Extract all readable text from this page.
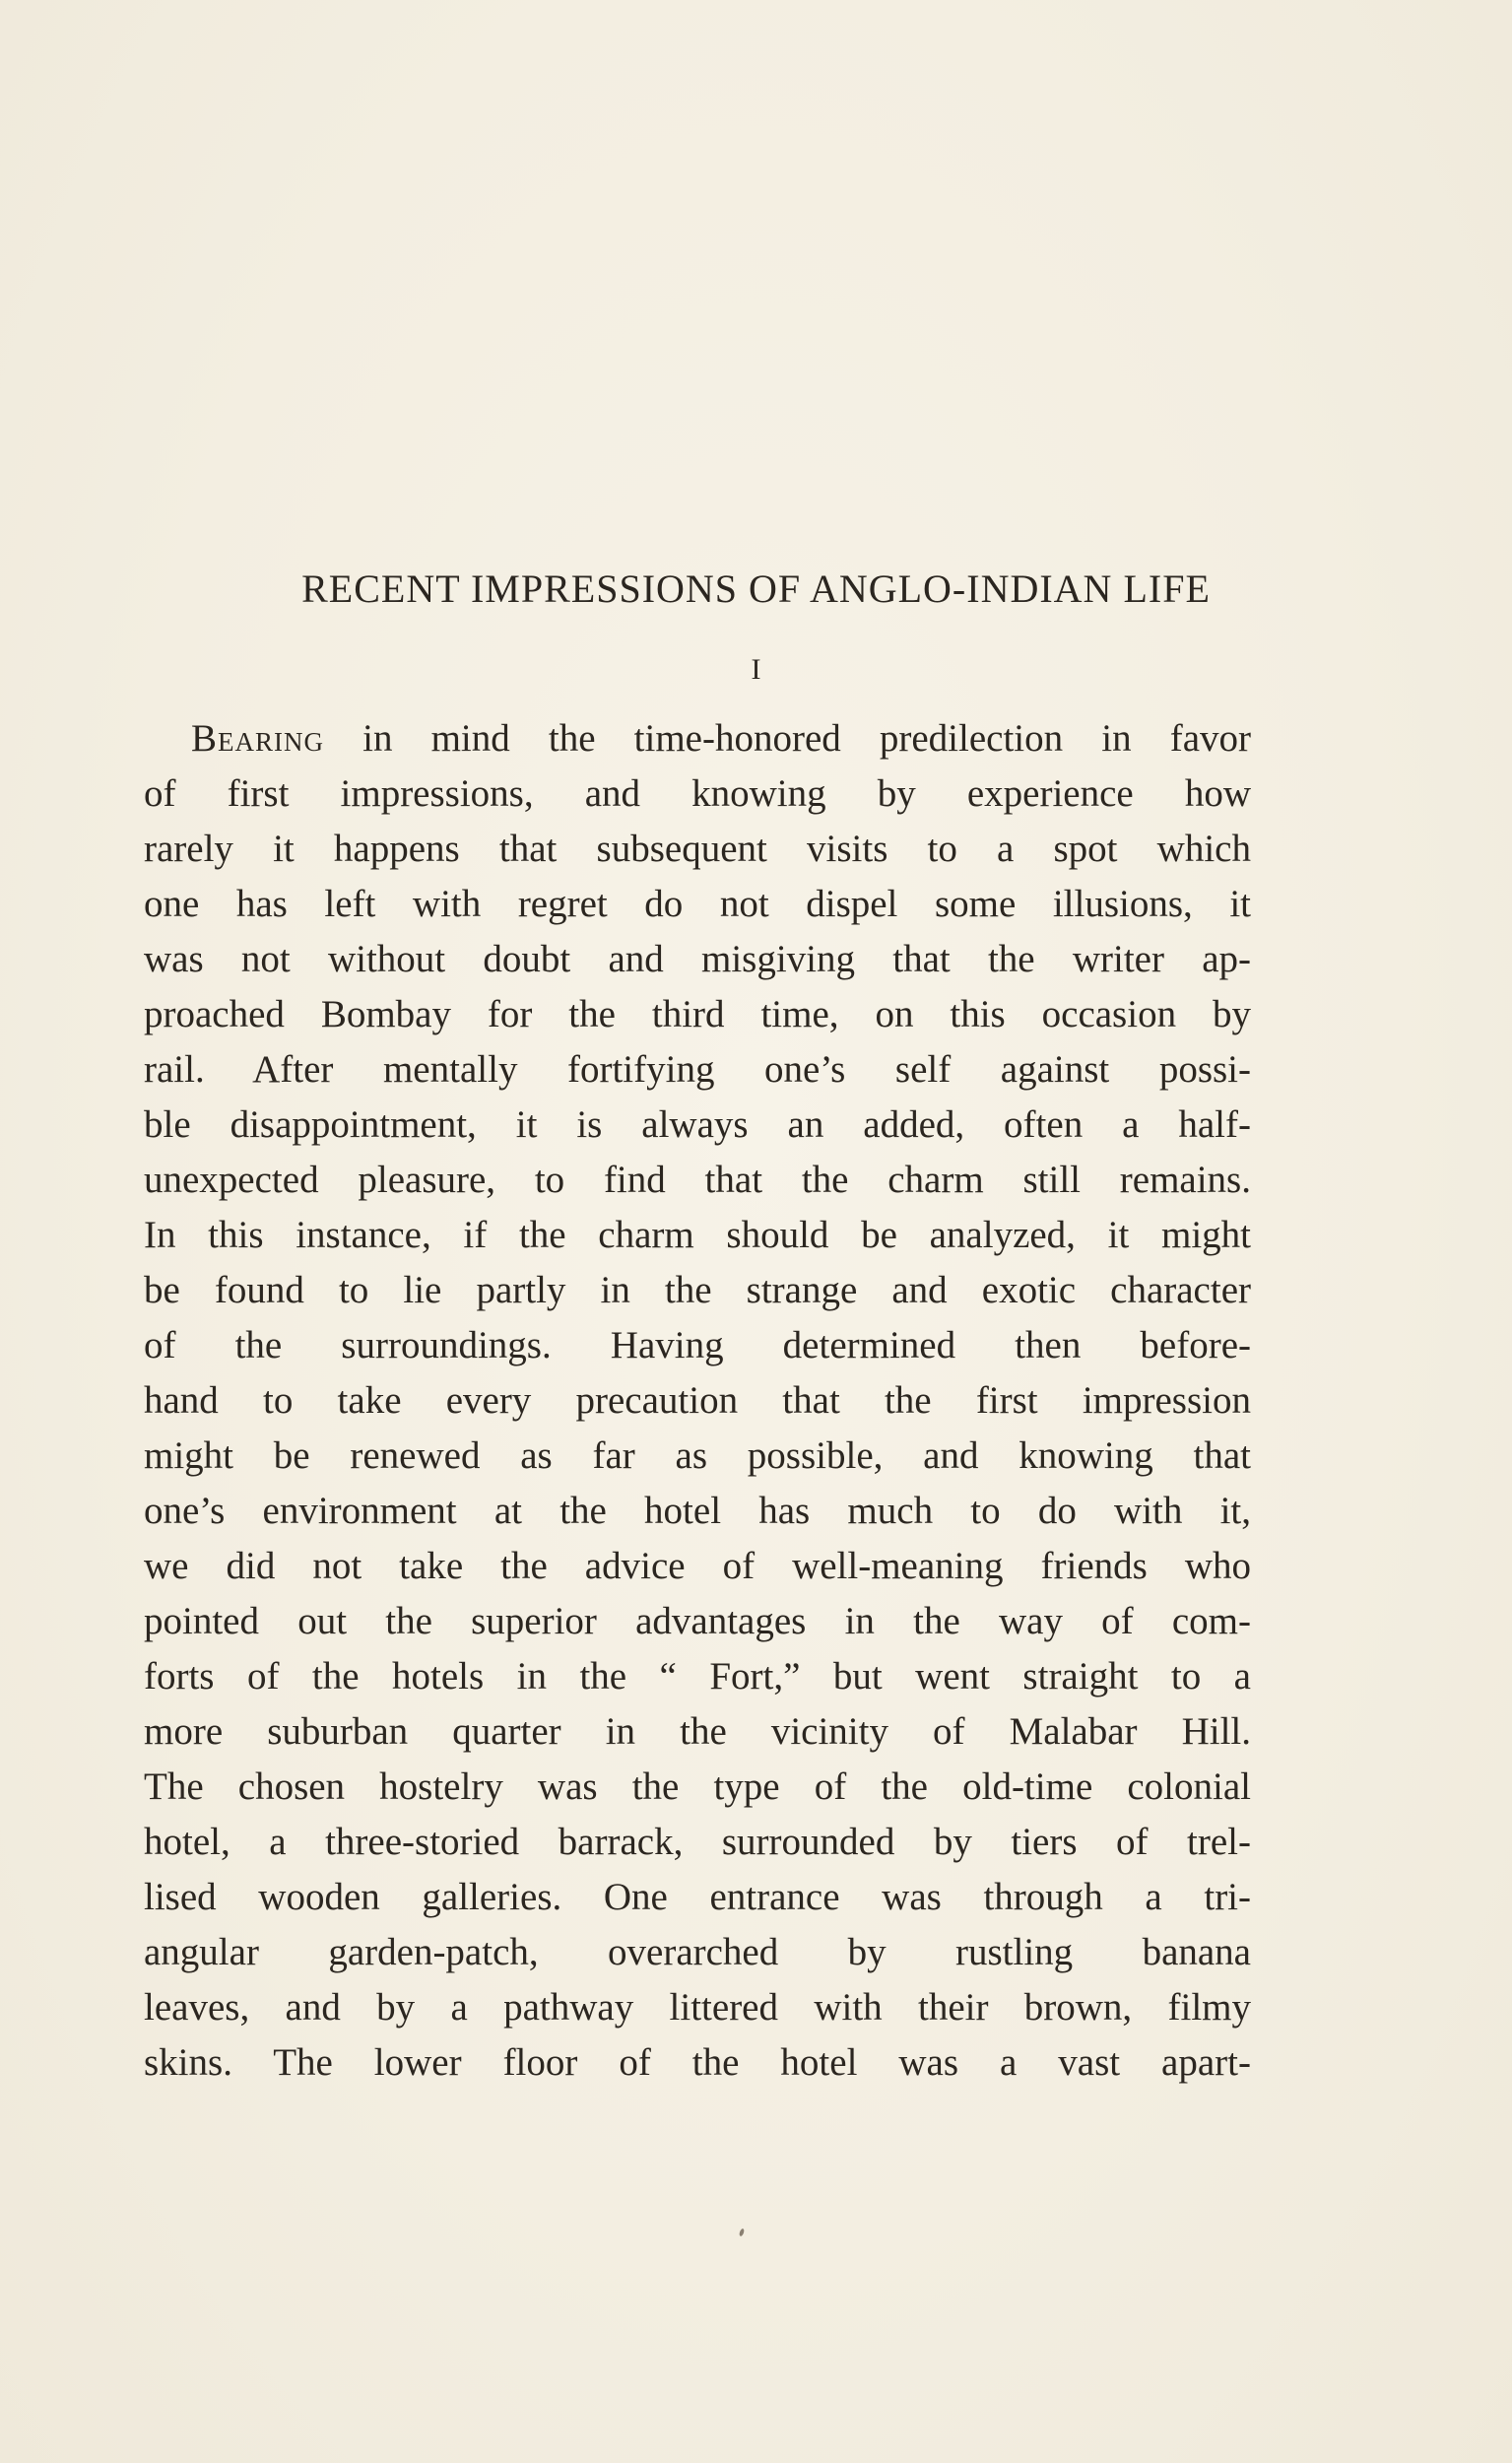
RECENT IMPRESSIONS OF ANGLO-INDIAN LIFE
I
Bearing in mind the time-honored predilection in favor
of first impressions, and knowing by experience how
rarely it happens that subsequent visits to a spot which
one has left with regret do not dispel some illusions, it
was not without doubt and misgiving that the writer ap-
proached Bombay for the third time, on this occasion by
rail. After mentally fortifying one’s self against possi-
ble disappointment, it is always an added, often a half-
unexpected pleasure, to find that the charm still remains.
In this instance, if the charm should be analyzed, it might
be found to lie partly in the strange and exotic character
of the surroundings. Having determined then before-
hand to take every precaution that the first impression
might be renewed as far as possible, and knowing that
one’s environment at the hotel has much to do with it,
we did not take the advice of well-meaning friends who
pointed out the superior advantages in the way of com-
forts of the hotels in the “ Fort,” but went straight to a
more suburban quarter in the vicinity of Malabar Hill.
The chosen hostelry was the type of the old-time colonial
hotel, a three-storied barrack, surrounded by tiers of trel-
lised wooden galleries. One entrance was through a tri-
angular garden-patch, overarched by rustling banana
leaves, and by a pathway littered with their brown, filmy
skins. The lower floor of the hotel was a vast apart-
